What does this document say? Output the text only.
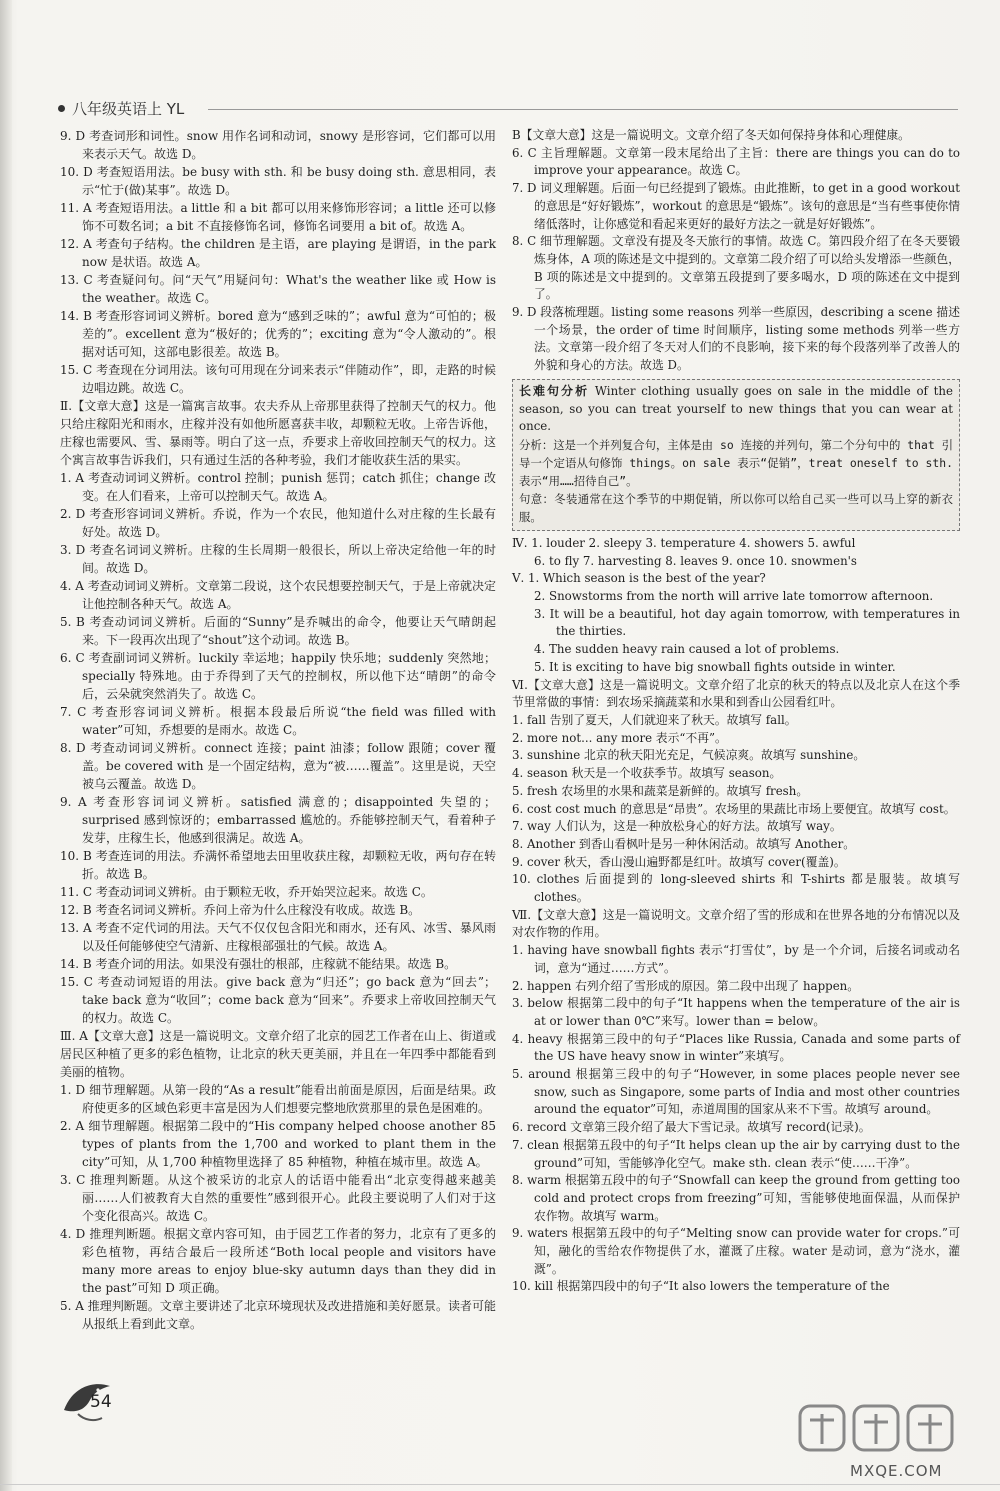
八年级英语上 YL

9. D 考查词形和词性。snow 用作名词和动词，snowy 是形容词，它们都可以用来表示天气。故选 D。

10. D 考查短语用法。be busy with sth. 和 be busy doing sth. 意思相同，表示“忙于(做)某事”。故选 D。

11. A 考查短语用法。a little 和 a bit 都可以用来修饰形容词；a little 还可以修饰不可数名词；a bit 不直接修饰名词，修饰名词要用 a bit of。故选 A。

12. A 考查句子结构。the children 是主语，are playing 是谓语，in the park now 是状语。故选 A。

13. C 考查疑问句。问“天气”用疑问句：What's the weather like 或 How is the weather。故选 C。

14. B 考查形容词词义辨析。bored 意为“感到乏味的”；awful 意为“可怕的；极差的”。excellent 意为“极好的；优秀的”；exciting 意为“令人激动的”。根据对话可知，这部电影很差。故选 B。

15. C 考查现在分词用法。该句可用现在分词来表示“伴随动作”，即，走路的时候边唱边跳。故选 C。

Ⅱ.【文章大意】这是一篇寓言故事。农夫乔从上帝那里获得了控制天气的权力。他只给庄稼阳光和雨水，庄稼并没有如他所愿喜获丰收，却颗粒无收。上帝告诉他，庄稼也需要风、雪、暴雨等。明白了这一点，乔要求上帝收回控制天气的权力。这个寓言故事告诉我们，只有通过生活的各种考验，我们才能收获生活的果实。

1. A 考查动词词义辨析。control 控制；punish 惩罚；catch 抓住；change 改变。在人们看来，上帝可以控制天气。故选 A。

2. D 考查形容词词义辨析。乔说，作为一个农民，他知道什么对庄稼的生长最有好处。故选 D。

3. D 考查名词词义辨析。庄稼的生长周期一般很长，所以上帝决定给他一年的时间。故选 D。

4. A 考查动词词义辨析。文章第二段说，这个农民想要控制天气，于是上帝就决定让他控制各种天气。故选 A。

5. B 考查动词词义辨析。后面的“Sunny”是乔喊出的命令，他要让天气晴朗起来。下一段再次出现了“shout”这个动词。故选 B。

6. C 考查副词词义辨析。luckily 幸运地；happily 快乐地；suddenly 突然地；specially 特殊地。由于乔得到了天气的控制权，所以他下达“晴朗”的命令后，云朵就突然消失了。故选 C。

7. C 考查形容词词义辨析。根据本段最后所说“the field was filled with water”可知，乔想要的是雨水。故选 C。

8. D 考查动词词义辨析。connect 连接；paint 油漆；follow 跟随；cover 覆盖。be covered with 是一个固定结构，意为“被……覆盖”。这里是说，天空被乌云覆盖。故选 D。

9. A 考查形容词词义辨析。satisfied 满意的；disappointed 失望的；surprised 感到惊讶的；embarrassed 尴尬的。乔能够控制天气，看着种子发芽，庄稼生长，他感到很满足。故选 A。

10. B 考查连词的用法。乔满怀希望地去田里收获庄稼，却颗粒无收，两句存在转折。故选 B。

11. C 考查动词词义辨析。由于颗粒无收，乔开始哭泣起来。故选 C。

12. B 考查名词词义辨析。乔问上帝为什么庄稼没有收成。故选 B。

13. A 考查不定代词的用法。天气不仅仅包含阳光和雨水，还有风、冰雪、暴风雨以及任何能够使空气清新、庄稼根部强壮的气候。故选 A。

14. B 考查介词的用法。如果没有强壮的根部，庄稼就不能结果。故选 B。

15. C 考查动词短语的用法。give back 意为“归还”；go back 意为“回去”；take back 意为“收回”；come back 意为“回来”。乔要求上帝收回控制天气的权力。故选 C。

Ⅲ. A【文章大意】这是一篇说明文。文章介绍了北京的园艺工作者在山上、街道或居民区种植了更多的彩色植物，让北京的秋天更美丽，并且在一年四季中都能看到美丽的植物。

1. D 细节理解题。从第一段的“As a result”能看出前面是原因，后面是结果。政府使更多的区域色彩更丰富是因为人们想要完整地欣赏那里的景色是困难的。

2. A 细节理解题。根据第二段中的“His company helped choose another 85 types of plants from the 1,700 and worked to plant them in the city”可知，从 1,700 种植物里选择了 85 种植物，种植在城市里。故选 A。

3. C 推理判断题。从这个被采访的北京人的话语中能看出“北京变得越来越美丽……人们被教育大自然的重要性”感到很开心。此段主要说明了人们对于这个变化很高兴。故选 C。

4. D 推理判断题。根据文章内容可知，由于园艺工作者的努力，北京有了更多的彩色植物，再结合最后一段所述“Both local people and visitors have many more areas to enjoy blue-sky autumn days than they did in the past”可知 D 项正确。

5. A 推理判断题。文章主要讲述了北京环境现状及改进措施和美好愿景。读者可能从报纸上看到此文章。

B【文章大意】这是一篇说明文。文章介绍了冬天如何保持身体和心理健康。

6. C 主旨理解题。文章第一段末尾给出了主旨：there are things you can do to improve your appearance。故选 C。

7. D 词义理解题。后面一句已经提到了锻炼。由此推断，to get in a good workout 的意思是“好好锻炼”，workout 的意思是“锻炼”。该句的意思是“当有些事使你情绪低落时，让你感觉和看起来更好的最好方法之一就是好好锻炼”。

8. C 细节理解题。文章没有提及冬天旅行的事情。故选 C。第四段介绍了在冬天要锻炼身体，A 项的陈述是文中提到的。文章第二段介绍了可以给头发增添一些颜色，B 项的陈述是文中提到的。文章第五段提到了要多喝水，D 项的陈述在文中提到了。

9. D 段落梳理题。listing some reasons 列举一些原因，describing a scene 描述一个场景，the order of time 时间顺序，listing some methods 列举一些方法。文章第一段介绍了冬天对人们的不良影响，接下来的每个段落列举了改善人的外貌和身心的方法。故选 D。

长难句分析 Winter clothing usually goes on sale in the middle of the season, so you can treat yourself to new things that you can wear at once.

分析：这是一个并列复合句，主体是由 so 连接的并列句，第二个分句中的 that 引导一个定语从句修饰 things。on sale 表示“促销”，treat oneself to sth. 表示“用……招待自己”。

句意：冬装通常在这个季节的中期促销，所以你可以给自己买一些可以马上穿的新衣服。

Ⅳ. 1. louder 2. sleepy 3. temperature 4. showers 5. awful

6. to fly 7. harvesting 8. leaves 9. once 10. snowmen's

Ⅴ. 1. Which season is the best of the year?

2. Snowstorms from the north will arrive late tomorrow afternoon.

3. It will be a beautiful, hot day again tomorrow, with temperatures in the thirties.

4. The sudden heavy rain caused a lot of problems.

5. It is exciting to have big snowball fights outside in winter.

Ⅵ.【文章大意】这是一篇说明文。文章介绍了北京的秋天的特点以及北京人在这个季节里常做的事情：到农场采摘蔬菜和水果和到香山公园看红叶。

1. fall 告别了夏天，人们就迎来了秋天。故填写 fall。

2. more not... any more 表示“不再”。

3. sunshine 北京的秋天阳光充足，气候凉爽。故填写 sunshine。

4. season 秋天是一个收获季节。故填写 season。

5. fresh 农场里的水果和蔬菜是新鲜的。故填写 fresh。

6. cost cost much 的意思是“昂贵”。农场里的果蔬比市场上要便宜。故填写 cost。

7. way 人们认为，这是一种放松身心的好方法。故填写 way。

8. Another 到香山看枫叶是另一种休闲活动。故填写 Another。

9. cover 秋天，香山漫山遍野都是红叶。故填写 cover(覆盖)。

10. clothes 后面提到的 long-sleeved shirts 和 T-shirts 都是服装。故填写 clothes。

Ⅶ.【文章大意】这是一篇说明文。文章介绍了雪的形成和在世界各地的分布情况以及对农作物的作用。

1. having have snowball fights 表示“打雪仗”，by 是一个介词，后接名词或动名词，意为“通过……方式”。

2. happen 右列介绍了雪形成的原因。第二段中出现了 happen。

3. below 根据第二段中的句子“It happens when the temperature of the air is at or lower than 0℃”来写。lower than = below。

4. heavy 根据第三段中的句子“Places like Russia, Canada and some parts of the US have heavy snow in winter”来填写。

5. around 根据第三段中的句子“However, in some places people never see snow, such as Singapore, some parts of India and most other countries around the equator”可知，赤道周围的国家从来不下雪。故填写 around。

6. record 文章第三段介绍了最大下雪记录。故填写 record(记录)。

7. clean 根据第五段中的句子“It helps clean up the air by carrying dust to the ground”可知，雪能够净化空气。make sth. clean 表示“使……干净”。

8. warm 根据第五段中的句子“Snowfall can keep the ground from getting too cold and protect crops from freezing”可知，雪能够使地面保温，从而保护农作物。故填写 warm。

9. waters 根据第五段中的句子“Melting snow can provide water for crops.”可知，融化的雪给农作物提供了水，灌溉了庄稼。water 是动词，意为“浇水，灌溉”。

10. kill 根据第四段中的句子“It also lowers the temperature of the

54
MXQE.COM
